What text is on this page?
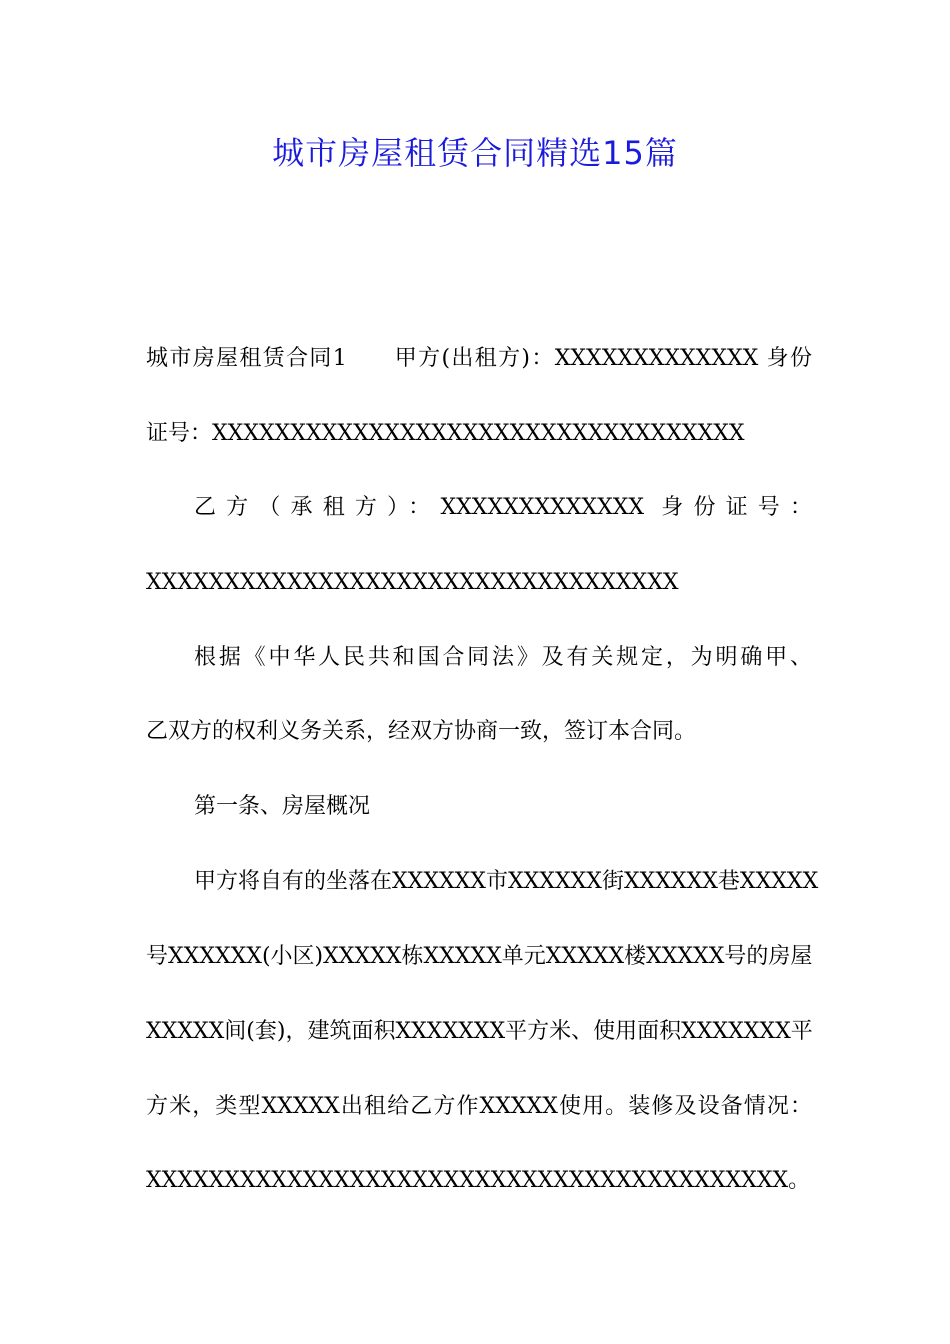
城市房屋租赁合同精选15篇
城市房屋租赁合同1　　甲方(出租方)：XXXXXXXXXXXXX 身份
证号：XXXXXXXXXXXXXXXXXXXXXXXXXXXXXXXXXX
乙方（承租方）：XXXXXXXXXXXXX 身份证号：
XXXXXXXXXXXXXXXXXXXXXXXXXXXXXXXXXX
根据《中华人民共和国合同法》及有关规定，为明确甲、
乙双方的权利义务关系，经双方协商一致，签订本合同。
第一条、房屋概况
甲方将自有的坐落在XXXXXX市XXXXXX街XXXXXX巷XXXXX
号XXXXXX(小区)XXXXX栋XXXXX单元XXXXX楼XXXXX号的房屋
XXXXX间(套)，建筑面积XXXXXXX平方米、使用面积XXXXXXX平
方米，类型XXXXX出租给乙方作XXXXX使用。装修及设备情况：
XXXXXXXXXXXXXXXXXXXXXXXXXXXXXXXXXXXXXXXXX。
